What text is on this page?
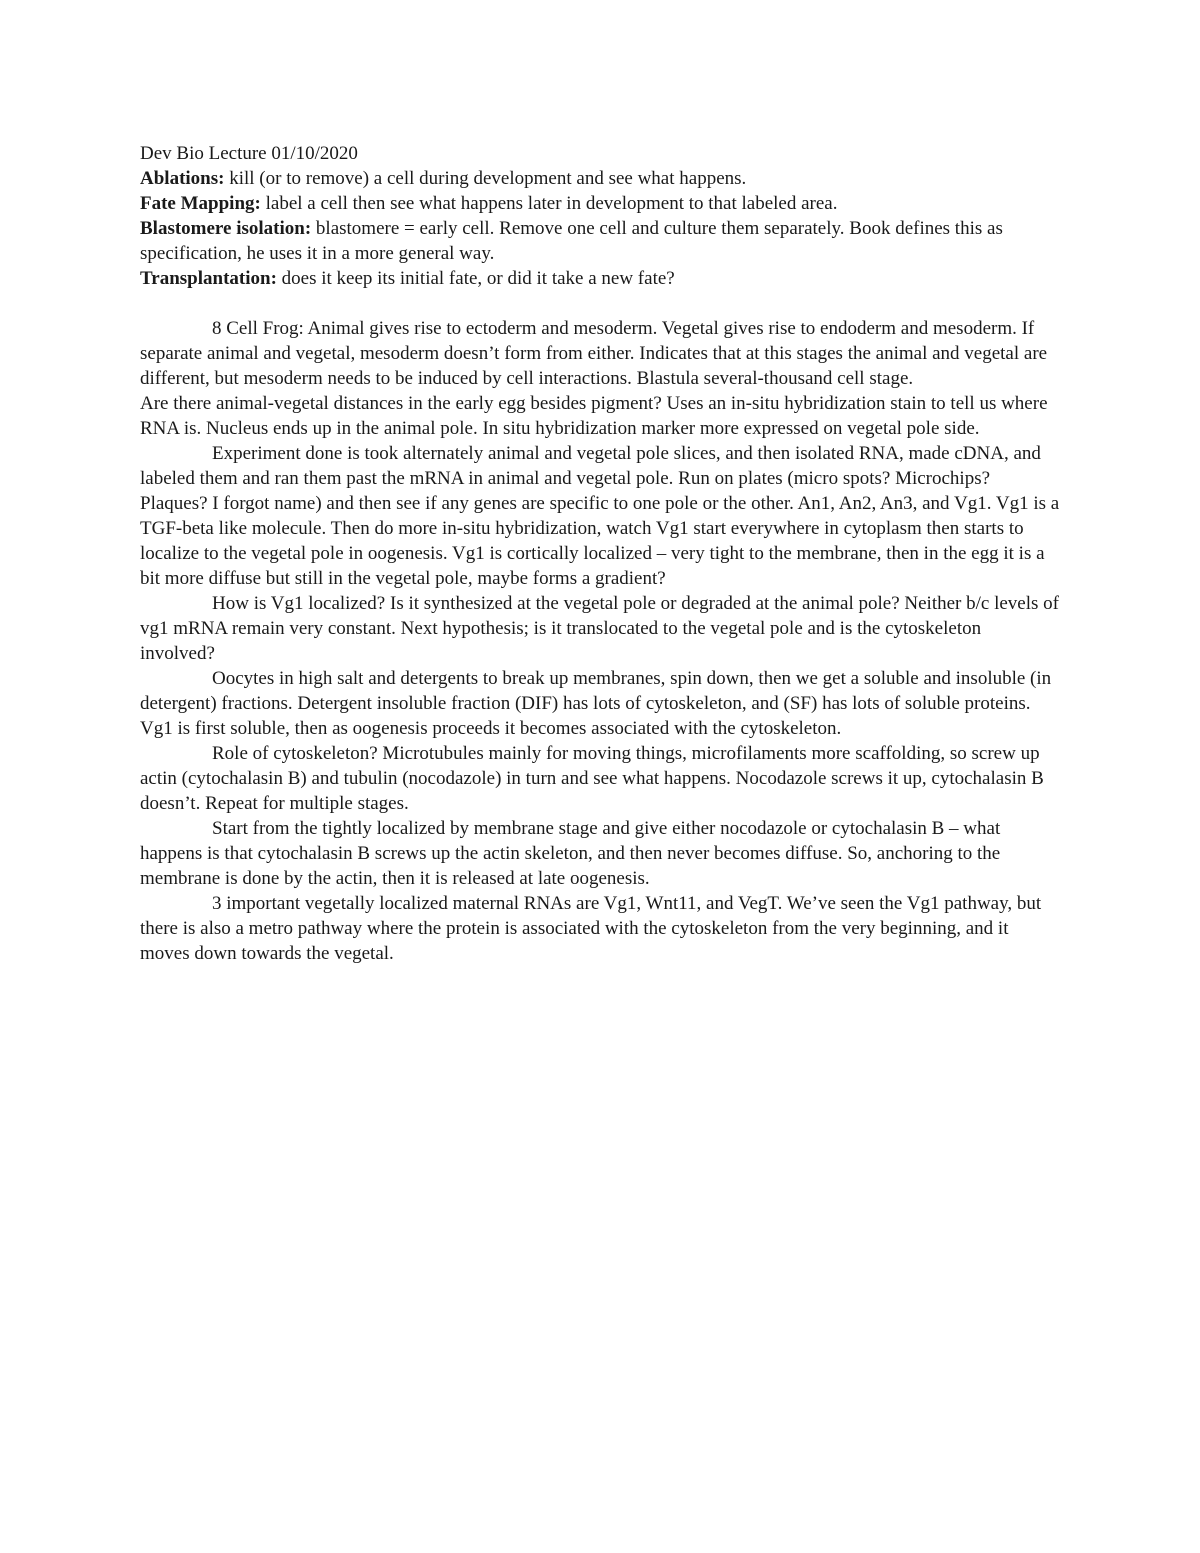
Dev Bio Lecture 01/10/2020

Ablations: kill (or to remove) a cell during development and see what happens.

Fate Mapping: label a cell then see what happens later in development to that labeled area.

Blastomere isolation: blastomere = early cell. Remove one cell and culture them separately. Book defines this as specification, he uses it in a more general way.

Transplantation: does it keep its initial fate, or did it take a new fate?

8 Cell Frog: Animal gives rise to ectoderm and mesoderm. Vegetal gives rise to endoderm and mesoderm. If separate animal and vegetal, mesoderm doesn’t form from either. Indicates that at this stages the animal and vegetal are different, but mesoderm needs to be induced by cell interactions. Blastula several-thousand cell stage.

Are there animal-vegetal distances in the early egg besides pigment? Uses an in-situ hybridization stain to tell us where RNA is. Nucleus ends up in the animal pole. In situ hybridization marker more expressed on vegetal pole side.

Experiment done is took alternately animal and vegetal pole slices, and then isolated RNA, made cDNA, and labeled them and ran them past the mRNA in animal and vegetal pole. Run on plates (micro spots? Microchips? Plaques? I forgot name) and then see if any genes are specific to one pole or the other. An1, An2, An3, and Vg1. Vg1 is a TGF-beta like molecule. Then do more in-situ hybridization, watch Vg1 start everywhere in cytoplasm then starts to localize to the vegetal pole in oogenesis. Vg1 is cortically localized – very tight to the membrane, then in the egg it is a bit more diffuse but still in the vegetal pole, maybe forms a gradient?

How is Vg1 localized? Is it synthesized at the vegetal pole or degraded at the animal pole? Neither b/c levels of vg1 mRNA remain very constant. Next hypothesis; is it translocated to the vegetal pole and is the cytoskeleton involved?

Oocytes in high salt and detergents to break up membranes, spin down, then we get a soluble and insoluble (in detergent) fractions. Detergent insoluble fraction (DIF) has lots of cytoskeleton, and (SF) has lots of soluble proteins. Vg1 is first soluble, then as oogenesis proceeds it becomes associated with the cytoskeleton.

Role of cytoskeleton? Microtubules mainly for moving things, microfilaments more scaffolding, so screw up actin (cytochalasin B) and tubulin (nocodazole) in turn and see what happens. Nocodazole screws it up, cytochalasin B doesn’t. Repeat for multiple stages.

Start from the tightly localized by membrane stage and give either nocodazole or cytochalasin B – what happens is that cytochalasin B screws up the actin skeleton, and then never becomes diffuse. So, anchoring to the membrane is done by the actin, then it is released at late oogenesis.

3 important vegetally localized maternal RNAs are Vg1, Wnt11, and VegT. We’ve seen the Vg1 pathway, but there is also a metro pathway where the protein is associated with the cytoskeleton from the very beginning, and it moves down towards the vegetal.
